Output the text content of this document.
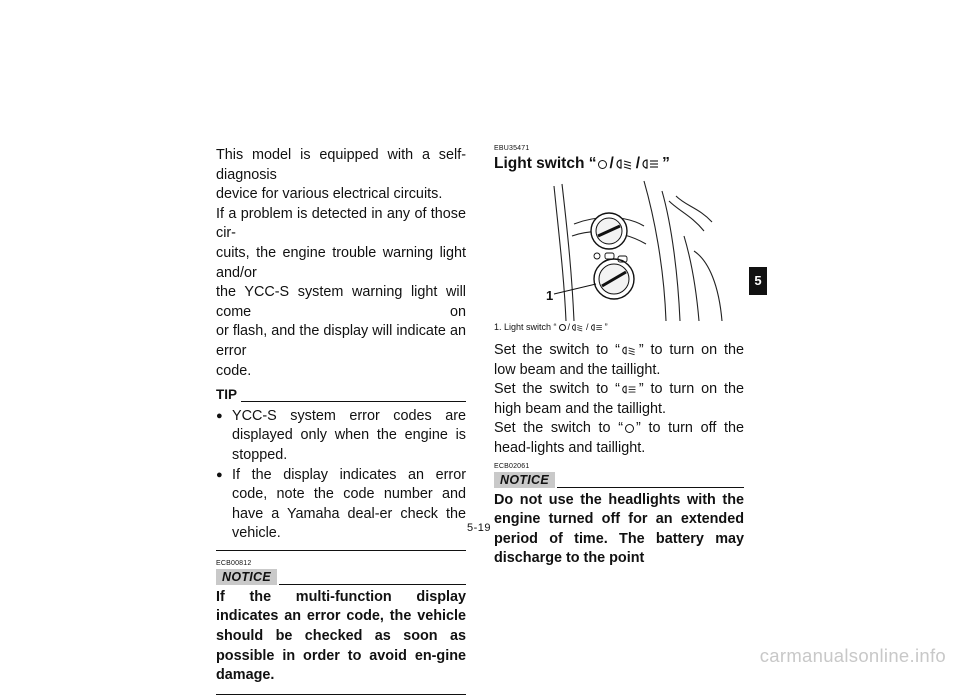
This model is equipped with a self-diagnosis

device for various electrical circuits.

If a problem is detected in any of those cir-

cuits, the engine trouble warning light and/or

the YCC-S system warning light will come on

or flash, and the display will indicate an error

code.

TIP
● YCC-S system error codes are displayed only when the engine is stopped.
● If the display indicates an error code, note the code number and have a Yamaha deal-er check the vehicle.
ECB00812
NOTICE

If the multi-function display indicates an error code, the vehicle should be checked as soon as possible in order to avoid en-gine damage.

EBU35471
Light switch “ /
/ ”
1
1. Light switch “ / / ”

Set the switch to “ ” to turn on the low beam and the taillight.

Set the switch to “ ” to turn on the high beam and the taillight.

Set the switch to “ ” to turn off the head-lights and taillight.

ECB02061
NOTICE

Do not use the headlights with the engine turned off for an extended period of time. The battery may discharge to the point

5
5-19
carmanualsonline.info
